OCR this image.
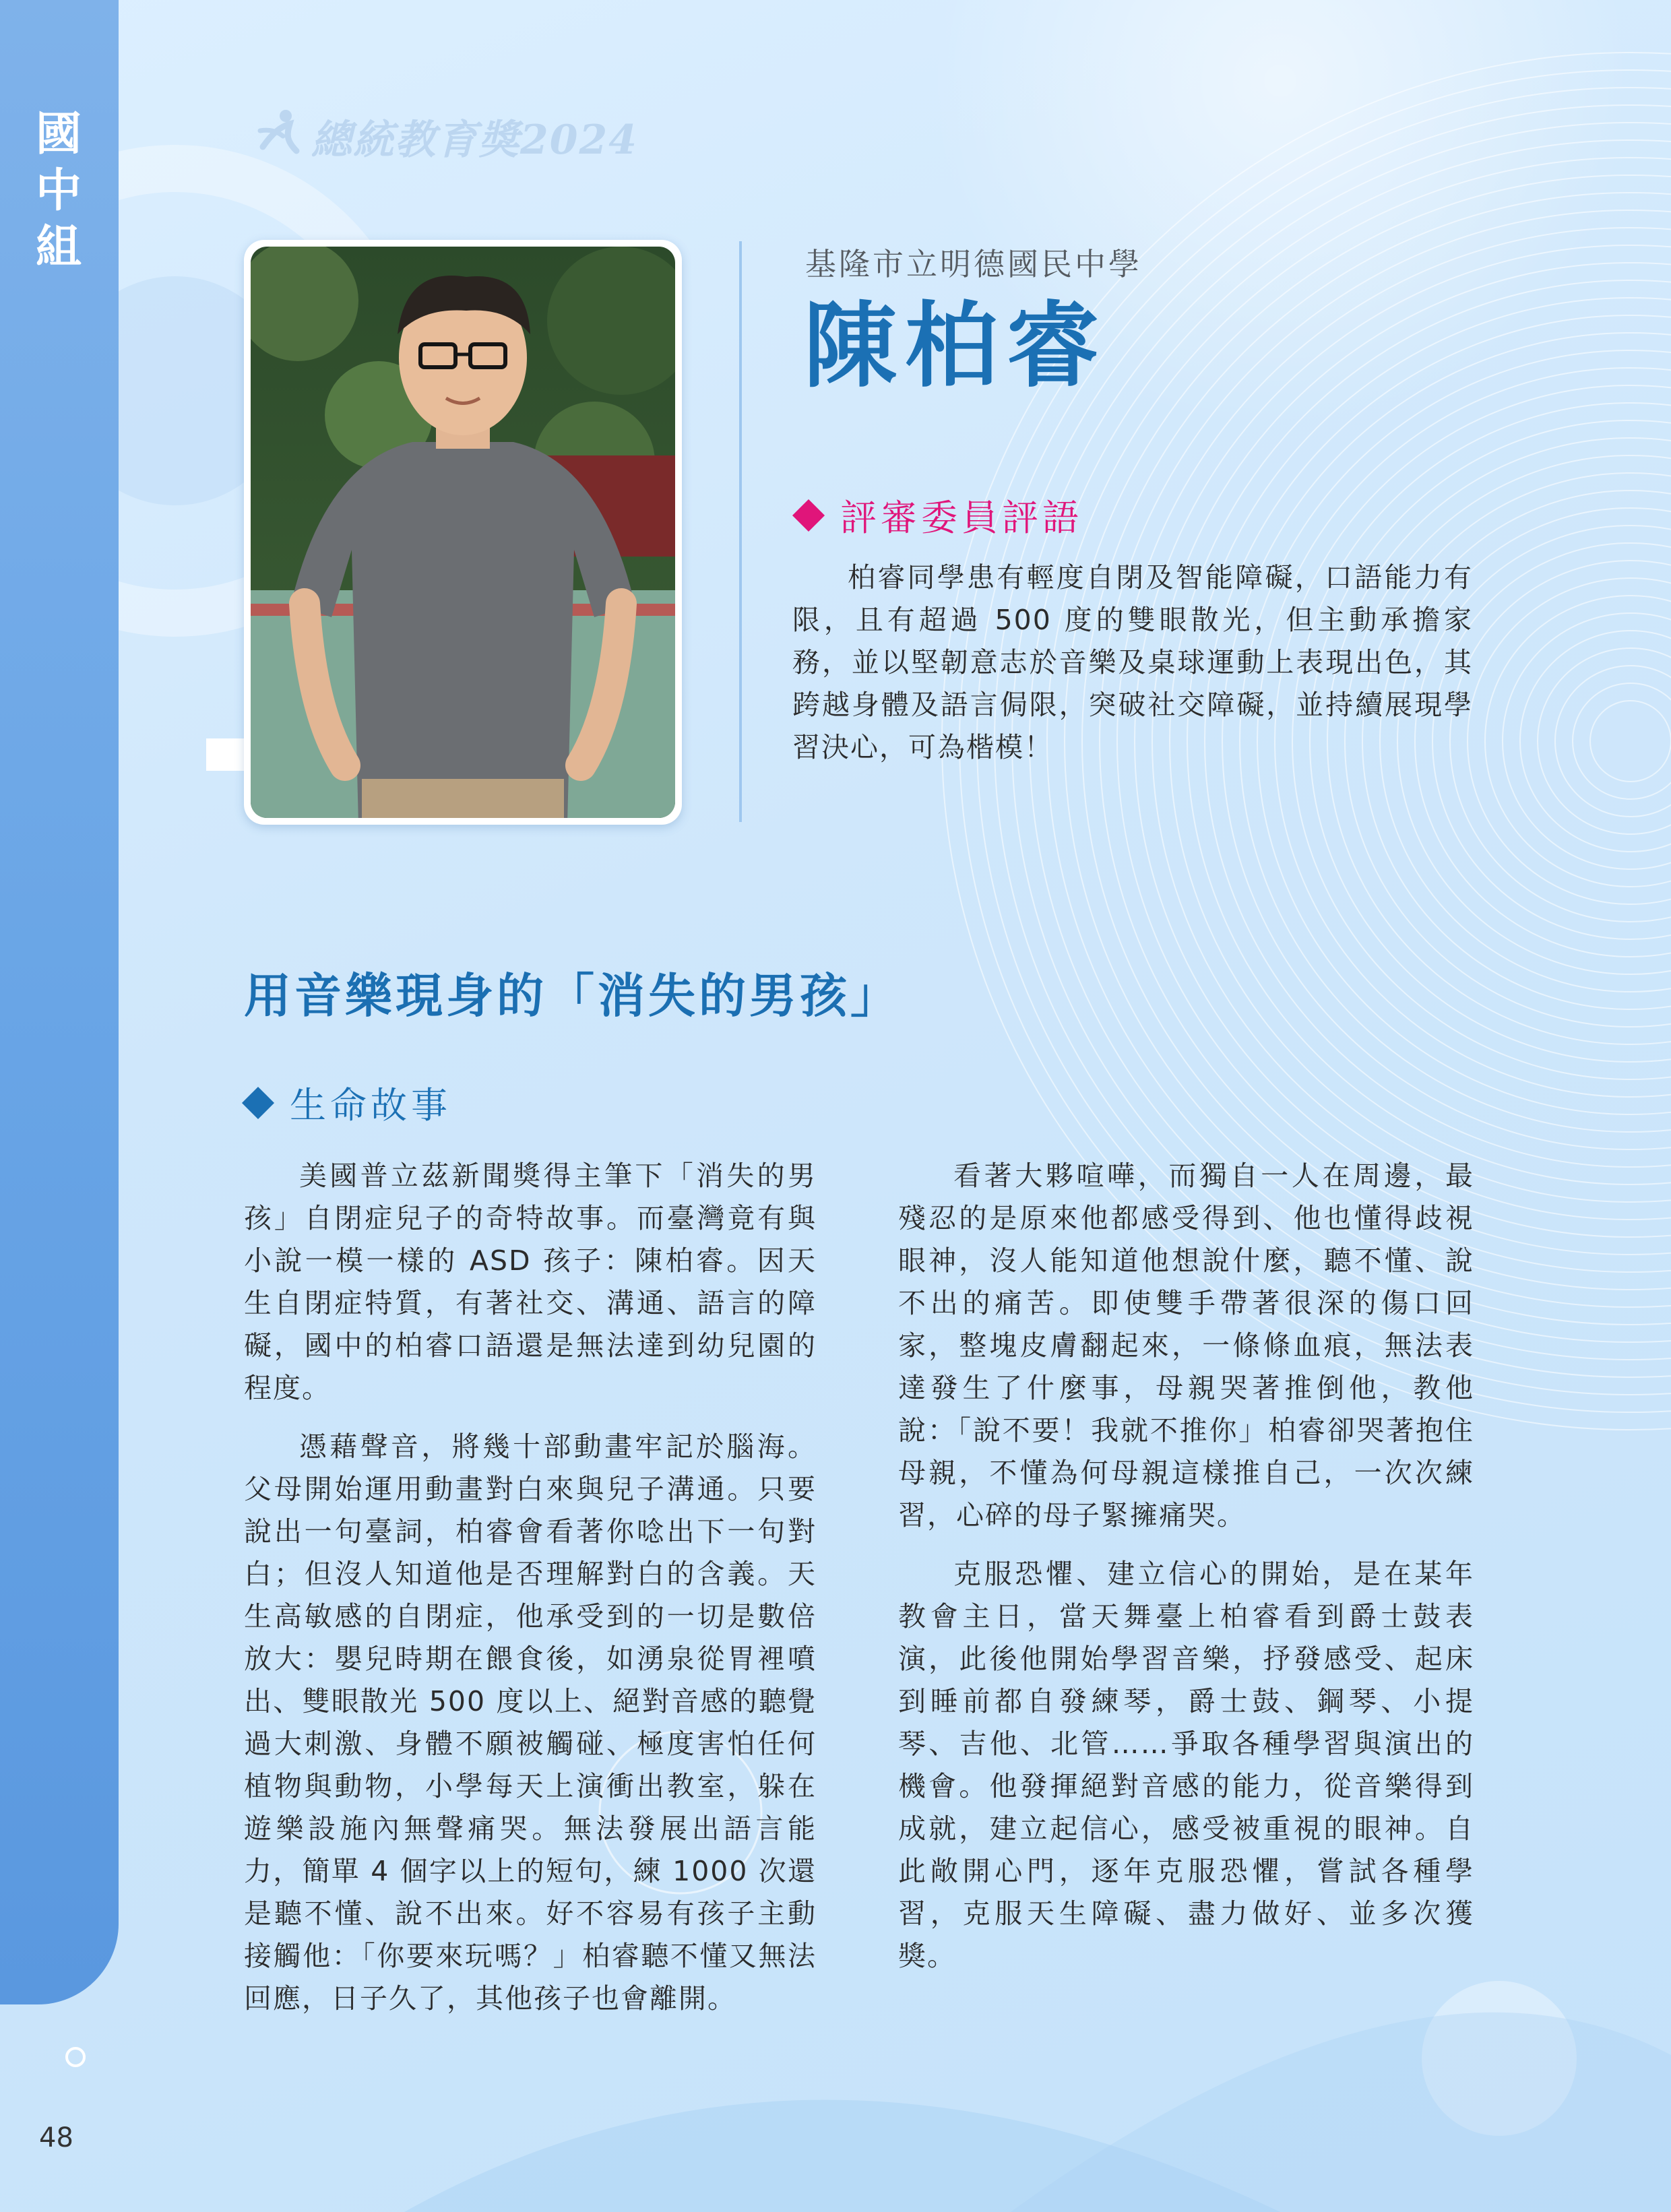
國中組
48
總統教育獎2024
基隆市立明德國民中學
陳柏睿
評審委員評語

柏睿同學患有輕度自閉及智能障礙，口語能力有限，且有超過 500 度的雙眼散光，但主動承擔家務，並以堅韌意志於音樂及桌球運動上表現出色，其跨越身體及語言侷限，突破社交障礙，並持續展現學習決心，可為楷模！

用音樂現身的「消失的男孩」
生命故事

美國普立茲新聞獎得主筆下「消失的男孩」自閉症兒子的奇特故事。而臺灣竟有與小說一模一樣的 ASD 孩子：陳柏睿。因天生自閉症特質，有著社交、溝通、語言的障礙，國中的柏睿口語還是無法達到幼兒園的程度。

憑藉聲音，將幾十部動畫牢記於腦海。父母開始運用動畫對白來與兒子溝通。只要說出一句臺詞，柏睿會看著你唸出下一句對白；但沒人知道他是否理解對白的含義。天生高敏感的自閉症，他承受到的一切是數倍放大：嬰兒時期在餵食後，如湧泉從胃裡噴出、雙眼散光 500 度以上、絕對音感的聽覺過大刺激、身體不願被觸碰、極度害怕任何植物與動物，小學每天上演衝出教室，躲在遊樂設施內無聲痛哭。無法發展出語言能力，簡單 4 個字以上的短句，練 1000 次還是聽不懂、說不出來。好不容易有孩子主動接觸他：「你要來玩嗎？」柏睿聽不懂又無法回應，日子久了，其他孩子也會離開。

看著大夥喧嘩，而獨自一人在周邊，最殘忍的是原來他都感受得到、他也懂得歧視眼神，沒人能知道他想說什麼，聽不懂、說不出的痛苦。即使雙手帶著很深的傷口回家，整塊皮膚翻起來，一條條血痕，無法表達發生了什麼事，母親哭著推倒他，教他說：「說不要！我就不推你」柏睿卻哭著抱住母親，不懂為何母親這樣推自己，一次次練習，心碎的母子緊擁痛哭。

克服恐懼、建立信心的開始，是在某年教會主日，當天舞臺上柏睿看到爵士鼓表演，此後他開始學習音樂，抒發感受、起床到睡前都自發練琴，爵士鼓、鋼琴、小提琴、吉他、北管……爭取各種學習與演出的機會。他發揮絕對音感的能力，從音樂得到成就，建立起信心，感受被重視的眼神。自此敞開心門，逐年克服恐懼，嘗試各種學習，克服天生障礙、盡力做好、並多次獲獎。
